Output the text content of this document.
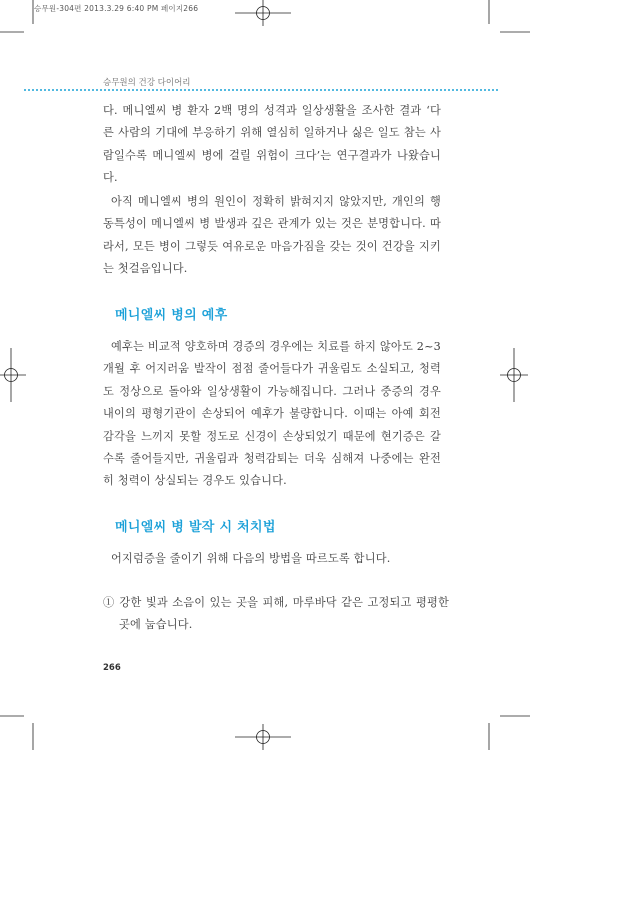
승무원-304편 2013.3.29 6:40 PM 페이지266
승무원의 건강 다이어리

다. 메니엘씨 병 환자 2백 명의 성격과 일상생활을 조사한 결과 ‘다른 사람의 기대에 부응하기 위해 열심히 일하거나 싫은 일도 참는 사람일수록 메니엘씨 병에 걸릴 위험이 크다’는 연구결과가 나왔습니다.

아직 메니엘씨 병의 원인이 정확히 밝혀지지 않았지만, 개인의 행동특성이 메니엘씨 병 발생과 깊은 관계가 있는 것은 분명합니다. 따라서, 모든 병이 그렇듯 여유로운 마음가짐을 갖는 것이 건강을 지키는 첫걸음입니다.

메니엘씨 병의 예후

예후는 비교적 양호하며 경증의 경우에는 치료를 하지 않아도 2~3개월 후 어지러움 발작이 점점 줄어들다가 귀울림도 소실되고, 청력도 정상으로 돌아와 일상생활이 가능해집니다. 그러나 중증의 경우 내이의 평형기관이 손상되어 예후가 불량합니다. 이때는 아예 회전감각을 느끼지 못할 정도로 신경이 손상되었기 때문에 현기증은 갈수록 줄어들지만, 귀울림과 청력감퇴는 더욱 심해져 나중에는 완전히 청력이 상실되는 경우도 있습니다.

메니엘씨 병 발작 시 처치법

어지럼증을 줄이기 위해 다음의 방법을 따르도록 합니다.

① 강한 빛과 소음이 있는 곳을 피해, 마루바닥 같은 고정되고 평평한 곳에 눕습니다.

266
